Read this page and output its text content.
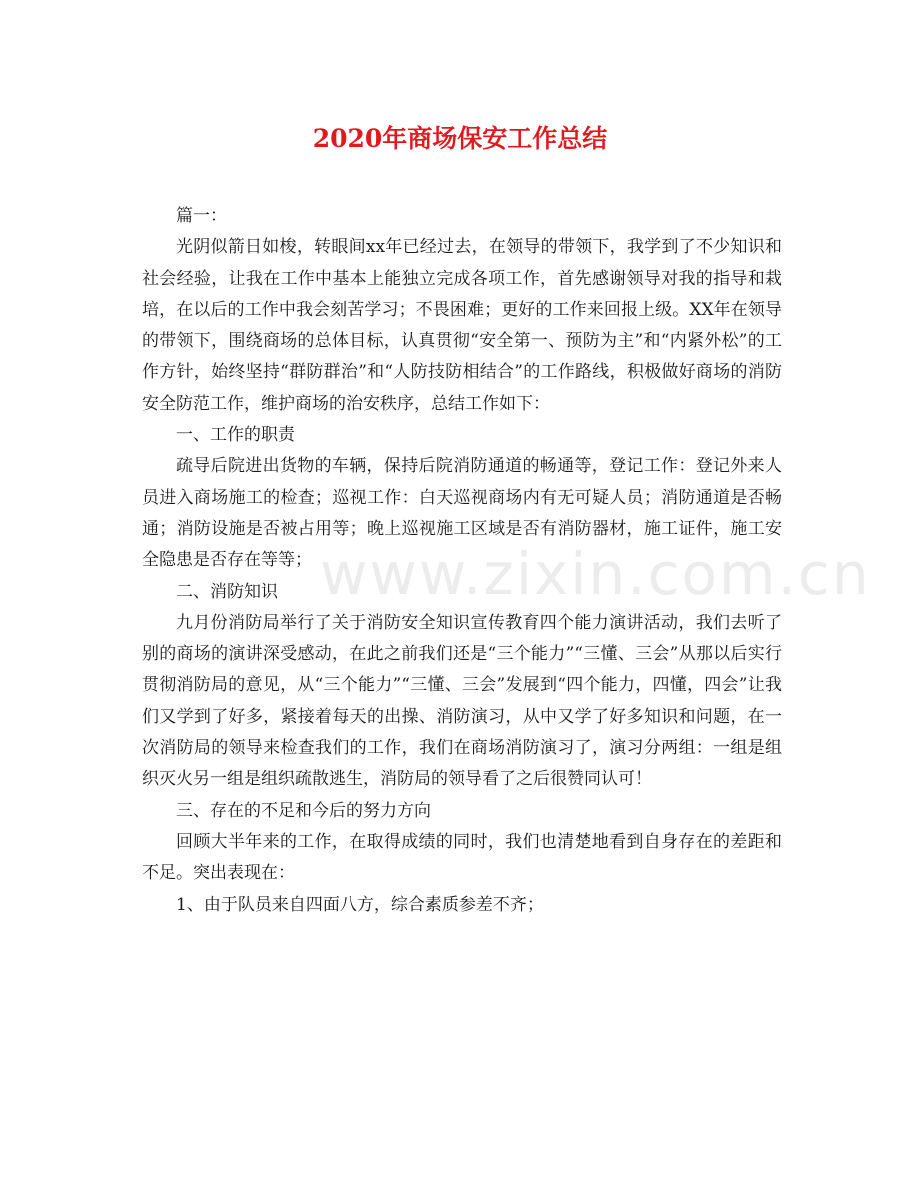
2020年商场保安工作总结
www.zixin.com.cn

篇一：

光阴似箭日如梭，转眼间xx年已经过去，在领导的带领下，我学到了不少知识和社会经验，让我在工作中基本上能独立完成各项工作，首先感谢领导对我的指导和栽培，在以后的工作中我会刻苦学习；不畏困难；更好的工作来回报上级。XX年在领导的带领下，围绕商场的总体目标，认真贯彻“安全第一、预防为主”和“内紧外松”的工作方针，始终坚持“群防群治”和“人防技防相结合”的工作路线，积极做好商场的消防安全防范工作，维护商场的治安秩序，总结工作如下：

一、工作的职责

疏导后院进出货物的车辆，保持后院消防通道的畅通等，登记工作：登记外来人员进入商场施工的检查；巡视工作：白天巡视商场内有无可疑人员；消防通道是否畅通；消防设施是否被占用等；晚上巡视施工区域是否有消防器材，施工证件，施工安全隐患是否存在等等；

二、消防知识

九月份消防局举行了关于消防安全知识宣传教育四个能力演讲活动，我们去听了别的商场的演讲深受感动，在此之前我们还是“三个能力”“三懂、三会”从那以后实行贯彻消防局的意见，从“三个能力”“三懂、三会”发展到“四个能力，四懂，四会”让我们又学到了好多，紧接着每天的出操、消防演习，从中又学了好多知识和问题，在一次消防局的领导来检查我们的工作，我们在商场消防演习了，演习分两组：一组是组织灭火另一组是组织疏散逃生，消防局的领导看了之后很赞同认可！

三、存在的不足和今后的努力方向

回顾大半年来的工作，在取得成绩的同时，我们也清楚地看到自身存在的差距和不足。突出表现在：

1、由于队员来自四面八方，综合素质参差不齐；
